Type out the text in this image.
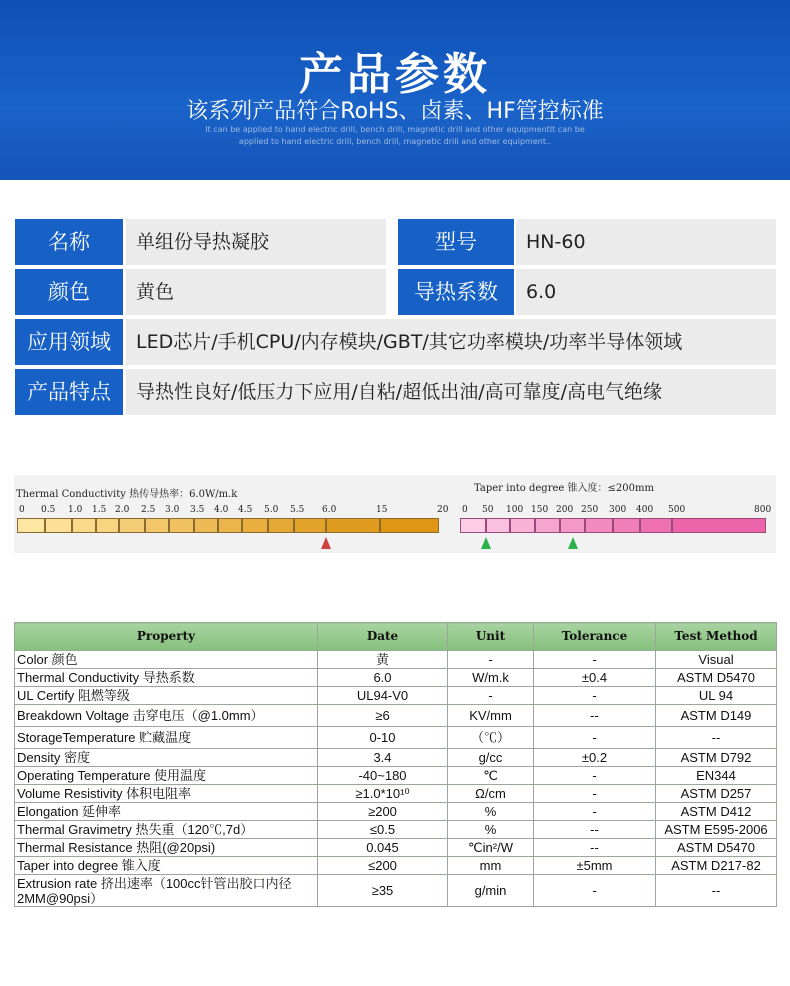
产品参数
该系列产品符合RoHS、卤素、HF管控标准
It can be applied to hand electric drill, bench drill, magnetic drill and other equipmentIt can be applied to hand electric drill, bench drill, magnetic drill and other equipment..
名称	单组份导热凝胶	型号	HN-60
颜色	黄色	导热系数	6.0
应用领域	LED芯片/手机CPU/内存模块/GBT/其它功率模块/功率半导体领域
产品特点	导热性良好/低压力下应用/自粘/超低出油/高可靠度/高电气绝缘
Thermal Conductivity 热传导热率：6.0W/m.k
Taper into degree 锥入度：≤200mm
0 0.5 1.0 1.5 2.0 2.5 3.0 3.5 4.0 4.5 5.0 5.5 6.0	15	20 0 50 100 150 200 250 300 400 500	800
Property	Date	Unit	Tolerance	Test Method
Color 颜色	黄	-	-	Visual
Thermal Conductivity 导热系数	6.0	W/m.k	±0.4	ASTM D5470
UL Certify 阻燃等级	UL94-V0	-	-	UL 94
Breakdown Voltage 击穿电压（@1.0mm）	≥6	KV/mm	--	ASTM D149
StorageTemperature 贮藏温度	0-10	（℃）	-	--
Density 密度	3.4	g/cc	±0.2	ASTM D792
Operating Temperature 使用温度	-40~180	℃	-	EN344
Volume Resistivity 体积电阻率	≥1.0*10¹⁰	Ω/cm	-	ASTM D257
Elongation 延伸率	≥200	%	-	ASTM D412
Thermal Gravimetry 热失重（120℃,7d）	≤0.5	%	--	ASTM E595-2006
Thermal Resistance 热阻(@20psi)	0.045	℃in²/W	--	ASTM D5470
Taper into degree 锥入度	≤200	mm	±5mm	ASTM D217-82
Extrusion rate 挤出速率（100cc针管出胶口内径2MM@90psi）	≥35	g/min	-	--
